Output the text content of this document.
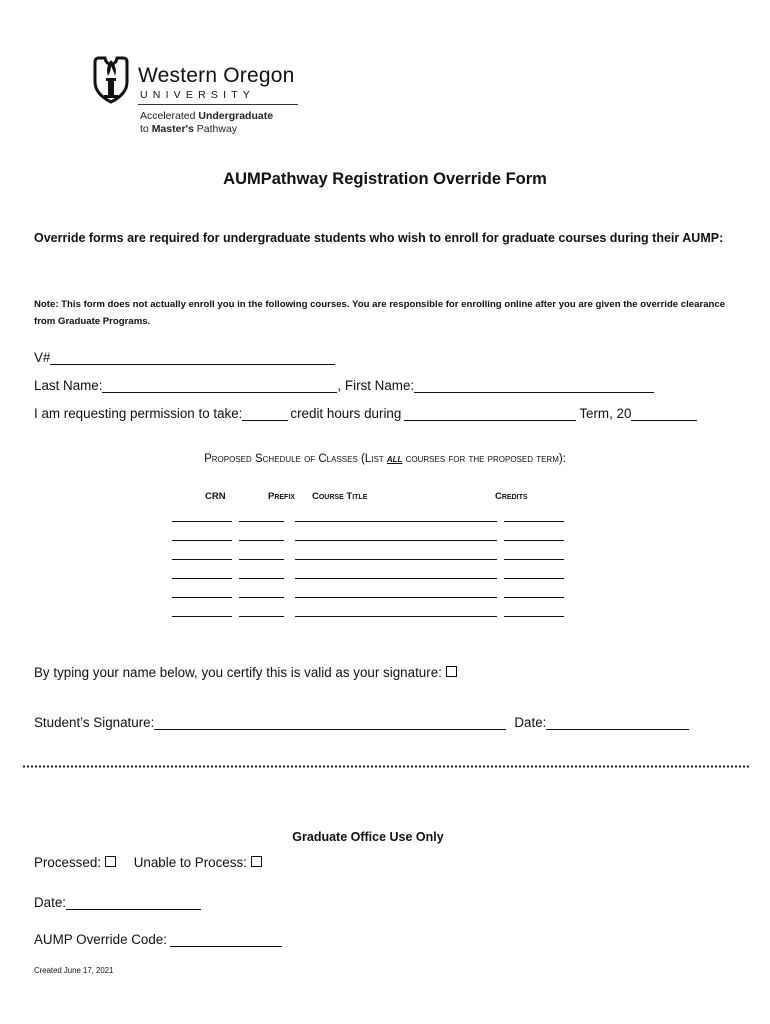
Western Oregon
UNIVERSITY
Accelerated Undergraduate
to Master's Pathway
AUMPathway Registration Override Form
Override forms are required for undergraduate students who wish to enroll for graduate courses during their AUMP:
Note: This form does not actually enroll you in the following courses. You are responsible for enrolling online after you are given the override clearance from Graduate Programs.
V#
Last Name:	, First Name:
I am requesting permission to take:	credit hours during	Term, 20
Proposed Schedule of Classes (List all courses for the proposed term):
CRN	Prefix Course Title	Credits
By typing your name below, you certify this is valid as your signature:
Student’s Signature:	Date:
Graduate Office Use Only
Processed: Unable to Process:
Date:
AUMP Override Code:
Created June 17, 2021
